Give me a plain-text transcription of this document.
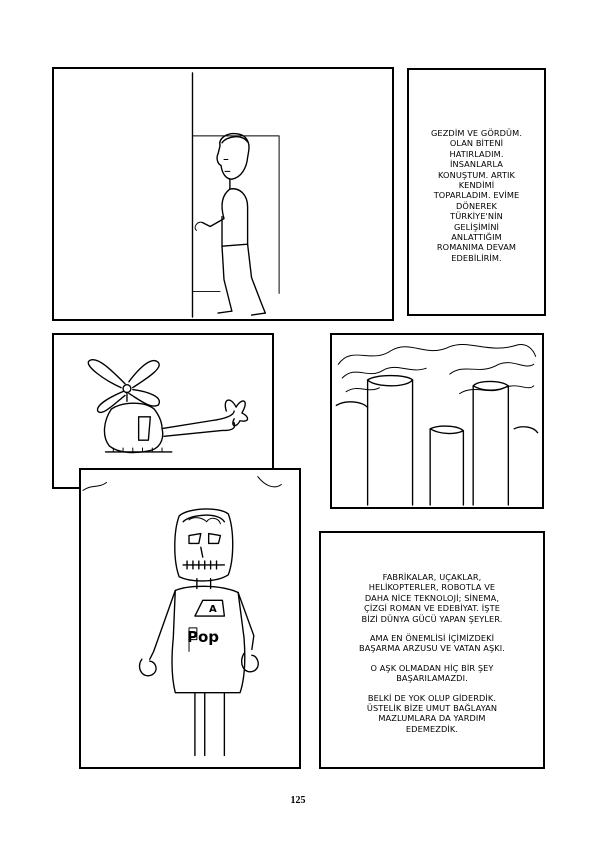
GEZDİM VE GÖRDÜM.
OLAN BİTENİ
HATIRLADIM.
İNSANLARLA
KONUŞTUM. ARTIK
KENDİMİ
TOPARLADIM. EVİME
DÖNEREK
TÜRKİYE'NİN
GELİŞİMİNİ
ANLATTIĞIM
ROMANIMA DEVAM
EDEBİLİRİM.

A
Pop

FABRİKALAR, UÇAKLAR,
HELİKOPTERLER, ROBOTLA VE
DAHA NİCE TEKNOLOJİ; SİNEMA,
ÇİZGİ ROMAN VE EDEBİYAT. İŞTE
BİZİ DÜNYA GÜCÜ YAPAN ŞEYLER.

AMA EN ÖNEMLİSİ İÇİMİZDEKİ
BAŞARMA ARZUSU VE VATAN AŞKI.

O AŞK OLMADAN HİÇ BİR ŞEY
BAŞARILAMAZDI.

BELKİ DE YOK OLUP GİDERDİK.
ÜSTELİK BİZE UMUT BAĞLAYAN
MAZLUMLARA DA YARDIM
EDEMEZDİK.

125
